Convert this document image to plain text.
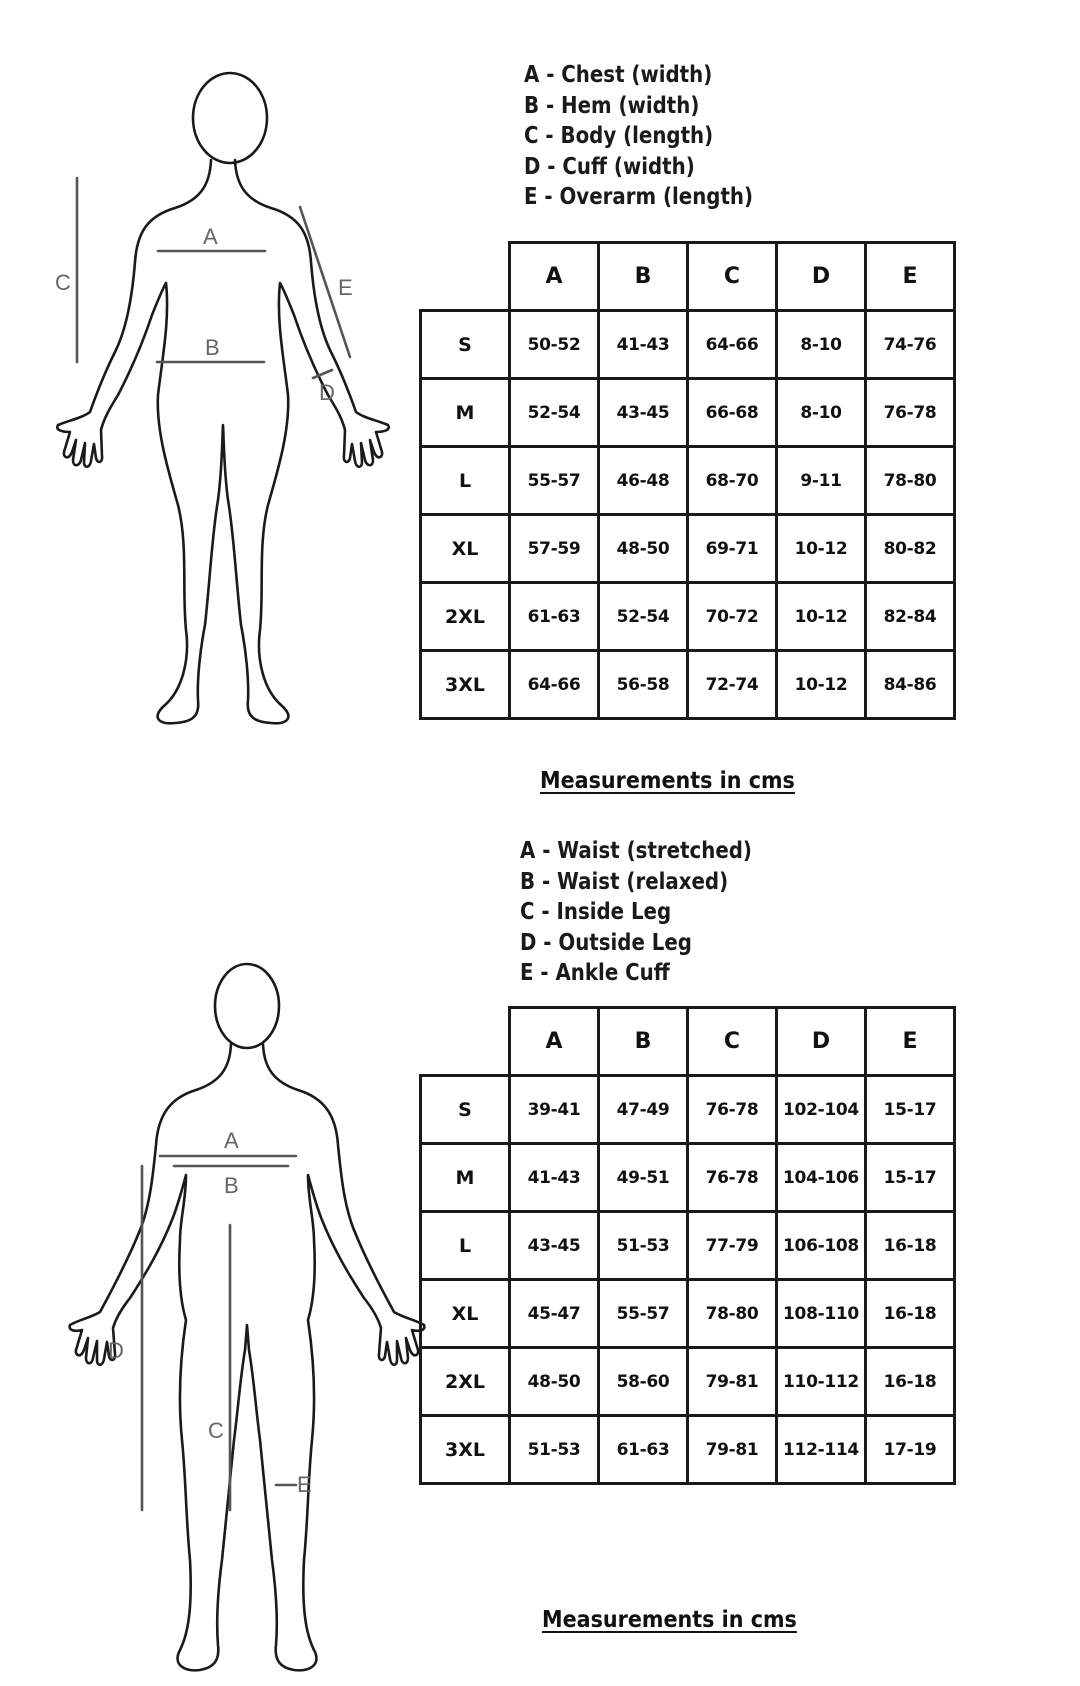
A
B
C
D
E
A - Chest (width)
B - Hem (width)
C - Body (length)
D - Cuff (width)
E - Overarm (length)
	A	B	C	D	E
S	50-52	41-43	64-66	8-10	74-76
M	52-54	43-45	66-68	8-10	76-78
L	55-57	46-48	68-70	9-11	78-80
XL	57-59	48-50	69-71	10-12	80-82
2XL	61-63	52-54	70-72	10-12	82-84
3XL	64-66	56-58	72-74	10-12	84-86
Measurements in cms
A
B
C
D
E
A - Waist (stretched)
B - Waist (relaxed)
C - Inside Leg
D - Outside Leg
E - Ankle Cuff
	A	B	C	D	E
S	39-41	47-49	76-78	102-104	15-17
M	41-43	49-51	76-78	104-106	15-17
L	43-45	51-53	77-79	106-108	16-18
XL	45-47	55-57	78-80	108-110	16-18
2XL	48-50	58-60	79-81	110-112	16-18
3XL	51-53	61-63	79-81	112-114	17-19
Measurements in cms
